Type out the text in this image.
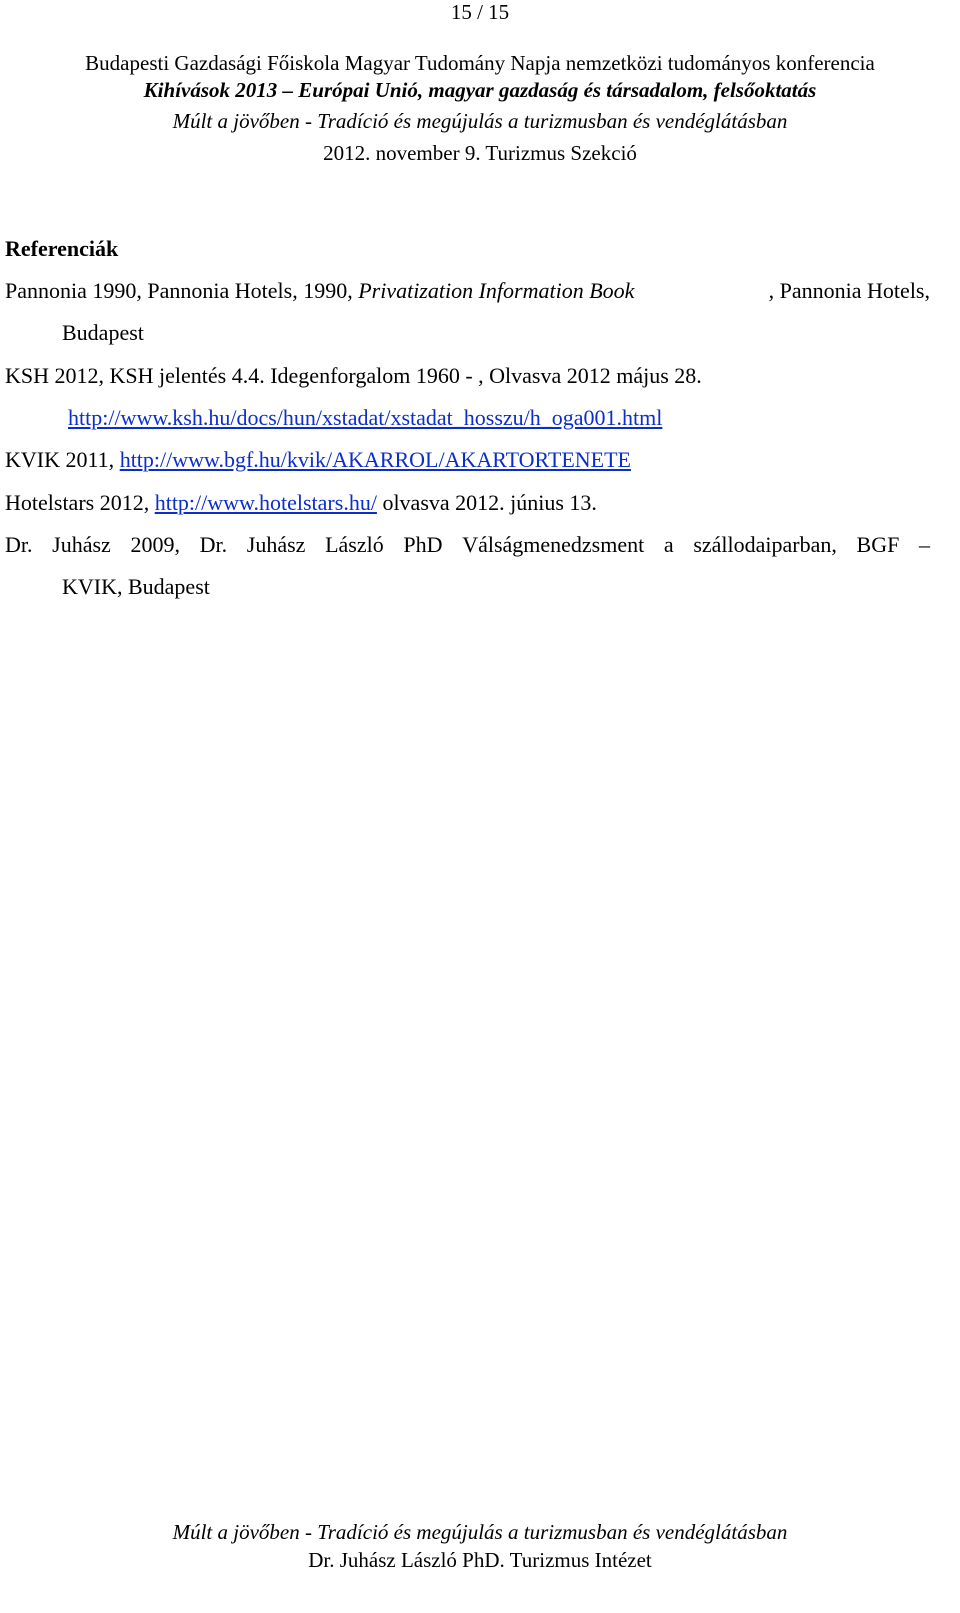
15 / 15
Budapesti Gazdasági Főiskola Magyar Tudomány Napja nemzetközi tudományos konferencia
Kihívások 2013 – Európai Unió, magyar gazdaság és társadalom, felsőoktatás
Múlt a jövőben - Tradíció és megújulás a turizmusban és vendéglátásban
2012. november 9. Turizmus Szekció
Referenciák
Pannonia 1990, Pannonia Hotels, 1990, Privatization Information Book	, Pannonia Hotels,
Budapest
KSH 2012, KSH jelentés 4.4. Idegenforgalom 1960 - , Olvasva 2012 május 28.
http://www.ksh.hu/docs/hun/xstadat/xstadat_hosszu/h_oga001.html
KVIK 2011, http://www.bgf.hu/kvik/AKARROL/AKARTORTENETE
Hotelstars 2012, http://www.hotelstars.hu/ olvasva 2012. június 13.
Dr. Juhász 2009, Dr. Juhász László PhD Válságmenedzsment a szállodaiparban, BGF –
KVIK, Budapest
Múlt a jövőben - Tradíció és megújulás a turizmusban és vendéglátásban
Dr. Juhász László PhD. Turizmus Intézet
